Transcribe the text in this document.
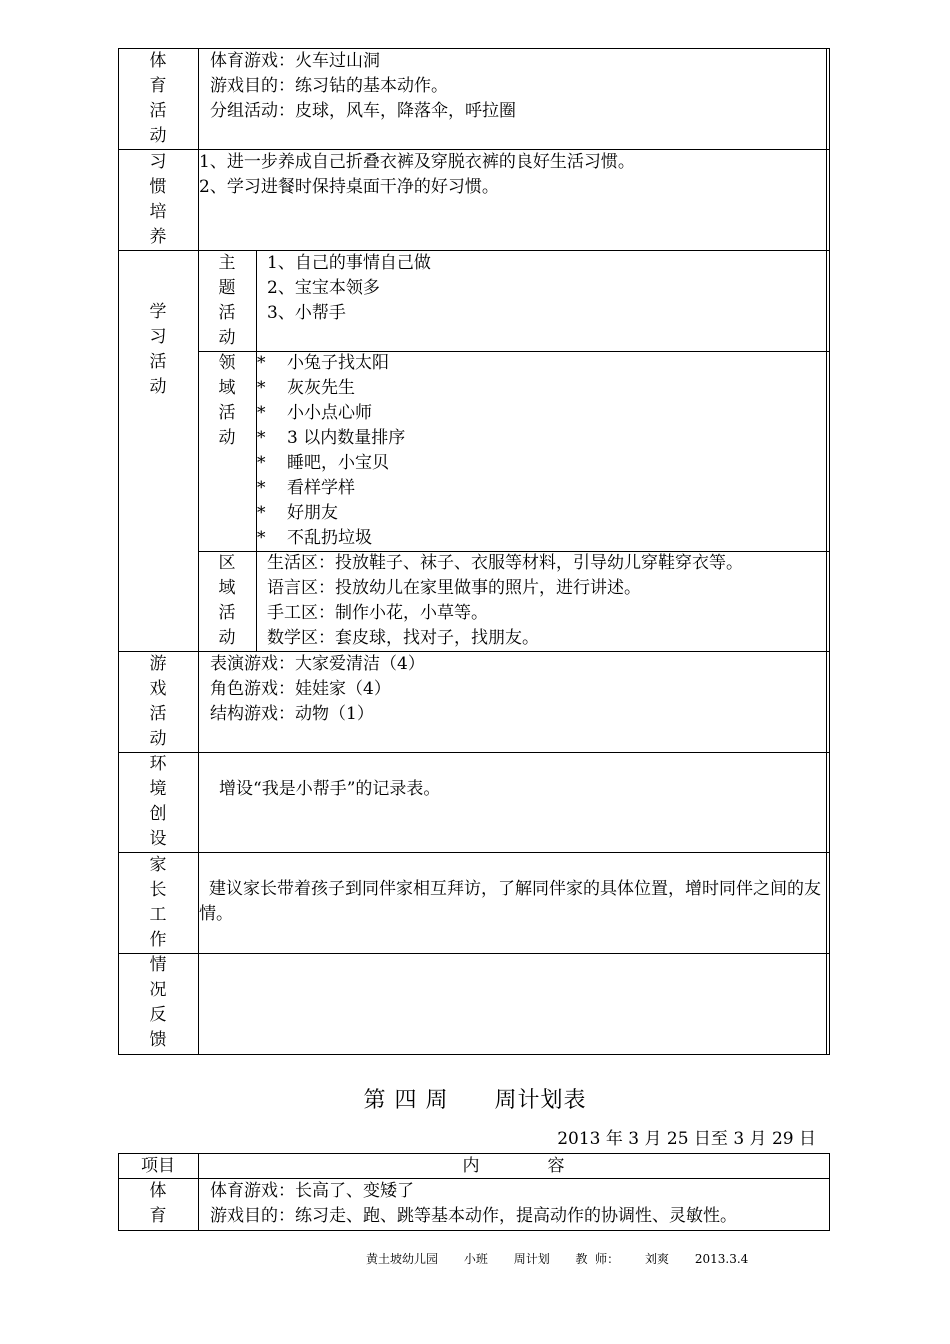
体
育
活
动
体育游戏：火车过山洞
游戏目的：练习钻的基本动作。
分组活动：皮球，风车，降落伞，呼拉圈
习
惯
培
养
1、进一步养成自己折叠衣裤及穿脱衣裤的良好生活习惯。
2、学习进餐时保持桌面干净的好习惯。
学
习
活
动
主
题
活
动
1、自己的事情自己做
2、宝宝本领多
3、小帮手
领
域
活
动
* 小兔子找太阳
* 灰灰先生
* 小小点心师
* 3 以内数量排序
* 睡吧，小宝贝
* 看样学样
* 好朋友
* 不乱扔垃圾
区
域
活
动
生活区：投放鞋子、袜子、衣服等材料，引导幼儿穿鞋穿衣等。
语言区：投放幼儿在家里做事的照片，进行讲述。
手工区：制作小花，小草等。
数学区：套皮球，找对子，找朋友。
游
戏
活
动
表演游戏：大家爱清洁（4）
角色游戏：娃娃家（4）
结构游戏：动物（1）
环
境
创
设
增设“我是小帮手”的记录表。
家
长
工
作
建议家长带着孩子到同伴家相互拜访，了解同伴家的具体位置，增时同伴之间的友情。
情
况
反
馈
第 四 周　　周计划表
2013 年 3 月 25 日至 3 月 29 日
项目	内　　　　容
体
育
体育游戏：长高了、变矮了
游戏目的：练习走、跑、跳等基本动作，提高动作的协调性、灵敏性。
黄土坡幼儿园 小班 周计划 教  师： 刘爽 2013.3.4
